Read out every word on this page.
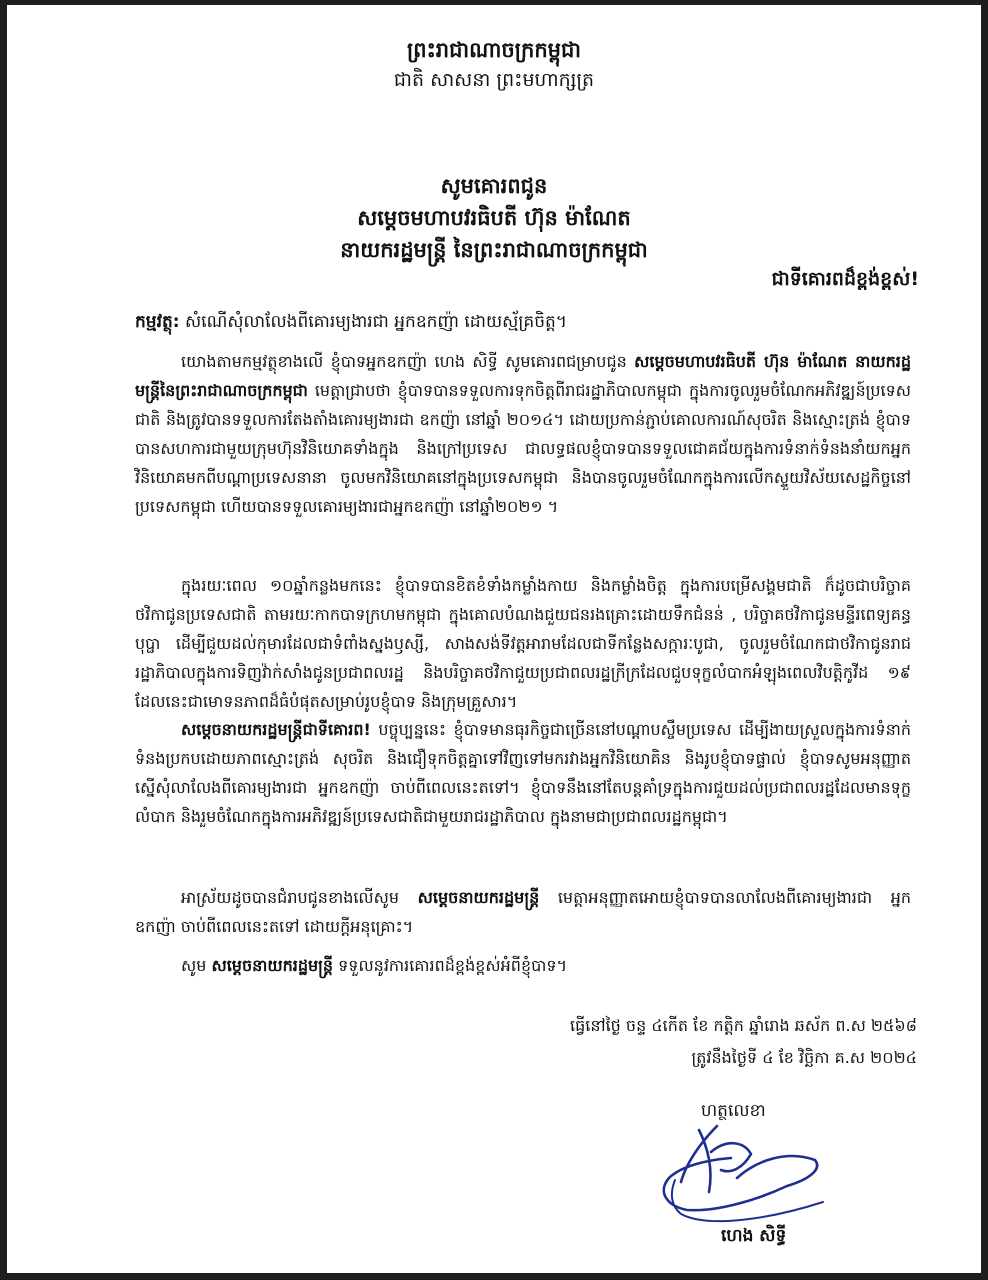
ព្រះរាជាណាចក្រកម្ពុជា
ជាតិ សាសនា ព្រះមហាក្សត្រ
សូមគោរពជូន
សម្តេចមហាបវរធិបតី ហ៊ុន ម៉ាណែត
នាយករដ្ឋមន្ត្រី នៃព្រះរាជាណាចក្រកម្ពុជា
ជាទីគោរពដ៏ខ្ពង់ខ្ពស់!
កម្មវត្ថុ: សំណើសុំលាលែងពីគោរម្យងារជា អ្នកឧកញ៉ា ដោយស្ម័គ្រចិត្ត។
យោងតាមកម្មវត្ថុខាងលើ ខ្ញុំបាទអ្នកឧកញ៉ា ហេង សិទ្ធី សូមគោរពជម្រាបជូន សម្តេចមហាបវរធិបតី ហ៊ុន ម៉ាណែត នាយករដ្ឋមន្ត្រីនៃព្រះរាជាណាចក្រកម្ពុជា មេត្តាជ្រាបថា ខ្ញុំបាទបានទទួលការទុកចិត្តពីរាជរដ្ឋាភិបាលកម្ពុជា ក្នុងការចូលរួមចំណែកអភិវឌ្ឍន៍ប្រទេសជាតិ និងត្រូវបានទទួលការតែងតាំងគោរម្យងារជា ឧកញ៉ា នៅឆ្នាំ ២០១៤។ ដោយប្រកាន់ភ្ជាប់គោលការណ៍សុចរិត និងស្មោះត្រង់ ខ្ញុំបាទបានសហការជាមួយក្រុមហ៊ុនវិនិយោគទាំងក្នុង និងក្រៅប្រទេស ជាលទ្ធផលខ្ញុំបាទបានទទួលជោគជ័យក្នុងការទំនាក់ទំនងនាំយកអ្នកវិនិយោគមកពីបណ្តាប្រទេសនានា ចូលមកវិនិយោគនៅក្នុងប្រទេសកម្ពុជា និងបានចូលរួមចំណែកក្នុងការលើកស្ទួយវិស័យសេដ្ឋកិច្ចនៅប្រទេសកម្ពុជា ហើយបានទទួលគោរម្យងារជាអ្នកឧកញ៉ា នៅឆ្នាំ២០២១ ។
ក្នុងរយៈពេល ១០ឆ្នាំកន្លងមកនេះ ខ្ញុំបាទបានខិតខំទាំងកម្លាំងកាយ និងកម្លាំងចិត្ត ក្នុងការបម្រើសង្គមជាតិ ក៏ដូចជាបរិច្ចាគថវិកាជូនប្រទេសជាតិ តាមរយៈកាកបាទក្រហមកម្ពុជា ក្នុងគោលបំណងជួយជនរងគ្រោះដោយទឹកជំនន់ , បរិច្ចាគថវិកាជូនមន្ទីរពេទ្យគន្ធបុប្ផា ដើម្បីជួយដល់កុមារដែលជាទំពាំងស្នងឫស្សី, សាងសង់ទីវត្តអារាមដែលជាទីកន្លែងសក្ការៈបូជា, ចូលរួមចំណែកជាថវិកាជូនរាជរដ្ឋាភិបាលក្នុងការទិញវ៉ាក់សាំងជូនប្រជាពលរដ្ឋ និងបរិច្ចាគថវិកាជួយប្រជាពលរដ្ឋក្រីក្រដែលជួបទុក្ខលំបាកអំឡុងពេលវិបត្តិកូវីដ ១៩ ដែលនេះជាមោទនភាពដ៏ធំបំផុតសម្រាប់រូបខ្ញុំបាទ និងក្រុមគ្រួសារ។
សម្តេចនាយករដ្ឋមន្ត្រីជាទីគោរព! បច្ចុប្បន្ននេះ ខ្ញុំបាទមានធុរកិច្ចជាច្រើននៅបណ្តាបស្ចឹមប្រទេស ដើម្បីងាយស្រួលក្នុងការទំនាក់ទំនងប្រកបដោយភាពស្មោះត្រង់ សុចរិត និងជឿទុកចិត្តគ្នាទៅវិញទៅមករវាងអ្នកវិនិយោគិន និងរូបខ្ញុំបាទផ្ទាល់ ខ្ញុំបាទសូមអនុញ្ញាតស្នើសុំលាលែងពីគោរម្យងារជា អ្នកឧកញ៉ា ចាប់ពីពេលនេះតទៅ។ ខ្ញុំបាទនឹងនៅតែបន្តគាំទ្រក្នុងការជួយដល់ប្រជាពលរដ្ឋដែលមានទុក្ខលំបាក និងរួមចំណែកក្នុងការអភិវឌ្ឍន៍ប្រទេសជាតិជាមួយរាជរដ្ឋាភិបាល ក្នុងនាមជាប្រជាពលរដ្ឋកម្ពុជា។
អាស្រ័យដូចបានជំរាបជូនខាងលើសូម សម្តេចនាយករដ្ឋមន្ត្រី មេត្តាអនុញ្ញាតអោយខ្ញុំបាទបានលាលែងពីគោរម្យងារជា អ្នកឧកញ៉ា ចាប់ពីពេលនេះតទៅ ដោយក្តីអនុគ្រោះ។
សូម សម្តេចនាយករដ្ឋមន្ត្រី ទទួលនូវការគោរពដ៏ខ្ពង់ខ្ពស់អំពីខ្ញុំបាទ។
ធ្វើនៅថ្ងៃ ចន្ទ ៤កើត ខែ កត្តិក ឆ្នាំរោង ឆស័ក ព.ស ២៥៦៨
ត្រូវនឹងថ្ងៃទី ៤ ខែ វិច្ឆិកា គ.ស ២០២៤
ហត្ថលេខា
ហេង សិទ្ធី
